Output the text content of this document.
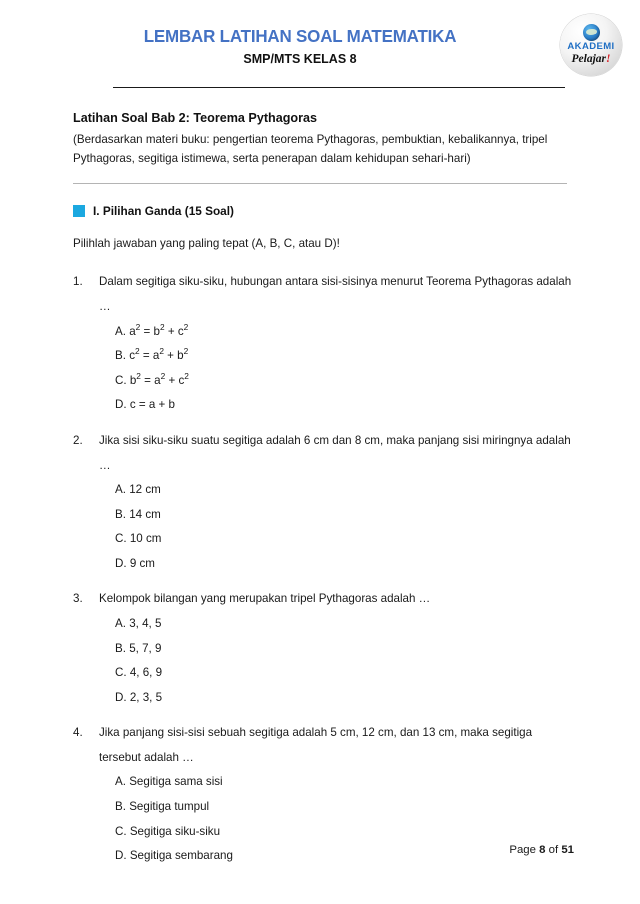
LEMBAR LATIHAN SOAL MATEMATIKA
SMP/MTS KELAS 8
AKADEMI
Pelajar!
Latihan Soal Bab 2: Teorema Pythagoras
(Berdasarkan materi buku: pengertian teorema Pythagoras, pembuktian, kebalikannya, tripel Pythagoras, segitiga istimewa, serta penerapan dalam kehidupan sehari-hari)
I. Pilihan Ganda (15 Soal)
Pilihlah jawaban yang paling tepat (A, B, C, atau D)!
1.	Dalam segitiga siku-siku, hubungan antara sisi-sisinya menurut Teorema Pythagoras adalah …

A. $a^2 = b^2 + c^2$
B. $c^2 = a^2 + b^2$
C. $b^2 = a^2 + c^2$
D. c = a + b
2.	Jika sisi siku-siku suatu segitiga adalah 6 cm dan 8 cm, maka panjang sisi miringnya adalah …

A. 12 cm
B. 14 cm
C. 10 cm
D. 9 cm
3.	Kelompok bilangan yang merupakan tripel Pythagoras adalah …

A. 3, 4, 5
B. 5, 7, 9
C. 4, 6, 9
D. 2, 3, 5
4.	Jika panjang sisi-sisi sebuah segitiga adalah 5 cm, 12 cm, dan 13 cm, maka segitiga tersebut adalah …

A. Segitiga sama sisi
B. Segitiga tumpul
C. Segitiga siku-siku
D. Segitiga sembarang	Page 8 of 51
